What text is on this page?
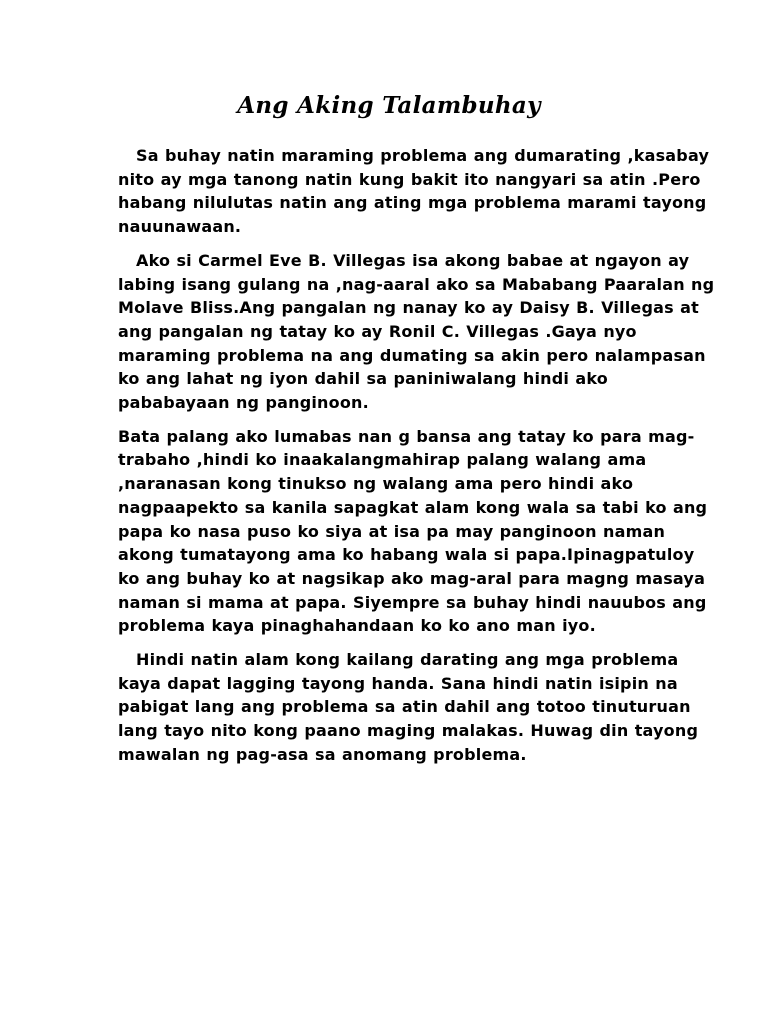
Ang Aking Talambuhay

Sa buhay natin maraming problema ang dumarating ,kasabay nito ay mga tanong natin kung bakit ito nangyari sa atin .Pero habang nilulutas natin ang ating mga problema marami tayong nauunawaan.

Ako si Carmel Eve B. Villegas isa akong babae at ngayon ay labing isang gulang na ,nag-aaral ako sa Mababang Paaralan ng Molave Bliss.Ang pangalan ng nanay ko ay Daisy B. Villegas at ang pangalan ng tatay ko ay Ronil C. Villegas .Gaya nyo maraming problema na ang dumating sa akin pero nalampasan ko ang lahat ng iyon dahil sa paniniwalang hindi ako pababayaan ng panginoon.

Bata palang ako lumabas nan g bansa ang tatay ko para mag-trabaho ,hindi ko inaakalangmahirap palang walang ama ,naranasan kong tinukso ng walang ama pero hindi ako nagpaapekto sa kanila sapagkat alam kong wala sa tabi ko ang papa ko nasa puso ko siya at isa pa may panginoon naman akong tumatayong ama ko habang wala si papa.Ipinagpatuloy ko ang buhay ko at nagsikap ako mag-aral para magng masaya naman si mama at papa. Siyempre sa buhay hindi nauubos ang problema kaya pinaghahandaan ko ko ano man iyo.

Hindi natin alam kong kailang darating ang mga problema kaya dapat lagging tayong handa. Sana hindi natin isipin na pabigat lang ang problema sa atin dahil ang totoo tinuturuan lang tayo nito kong paano maging malakas. Huwag din tayong mawalan ng pag-asa sa anomang problema.
